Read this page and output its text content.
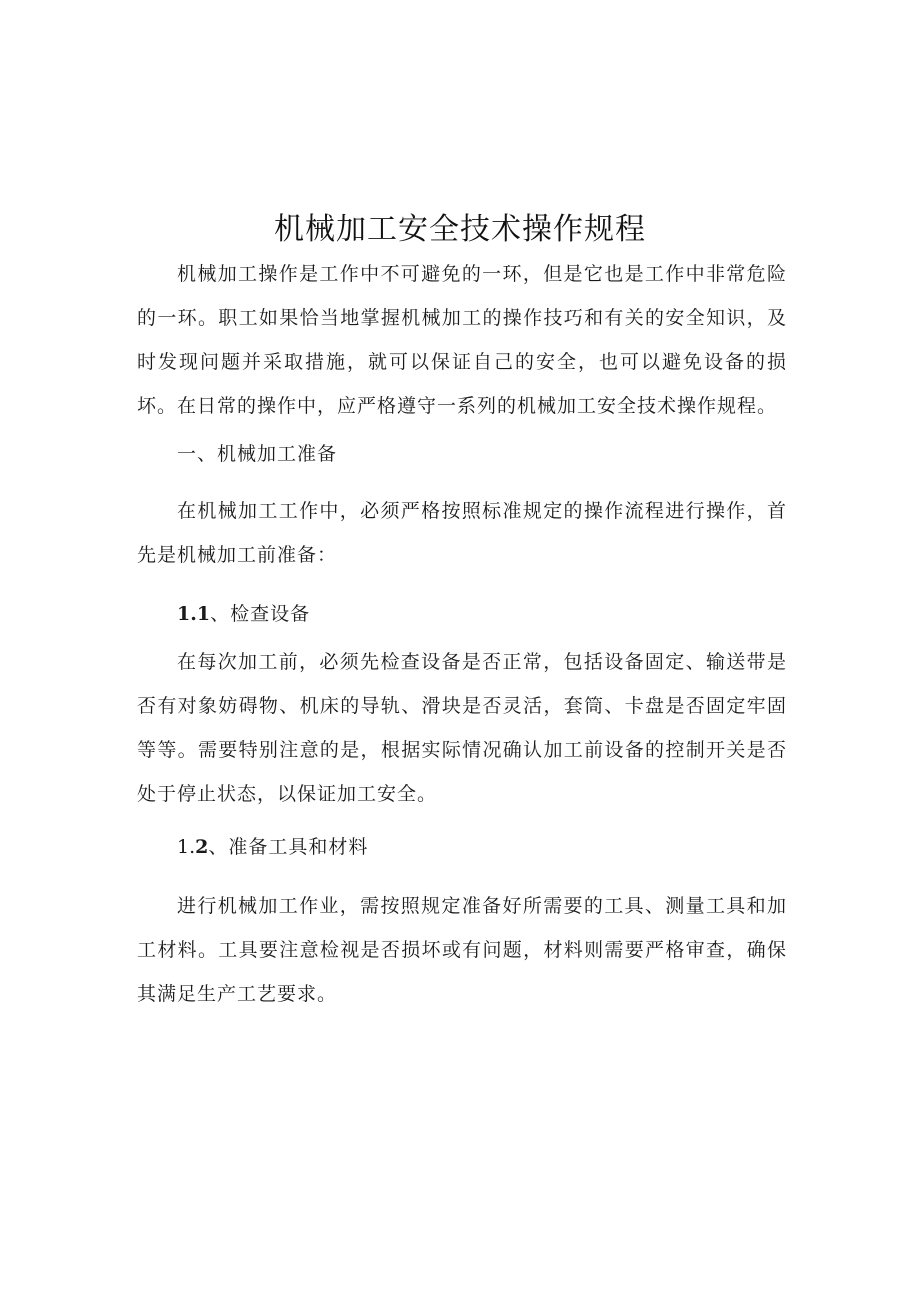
机械加工安全技术操作规程

机械加工操作是工作中不可避免的一环，但是它也是工作中非常危险的一环。职工如果恰当地掌握机械加工的操作技巧和有关的安全知识，及时发现问题并采取措施，就可以保证自己的安全，也可以避免设备的损坏。在日常的操作中，应严格遵守一系列的机械加工安全技术操作规程。

一、机械加工准备

在机械加工工作中，必须严格按照标准规定的操作流程进行操作，首先是机械加工前准备：

1.1、检查设备

在每次加工前，必须先检查设备是否正常，包括设备固定、输送带是否有对象妨碍物、机床的导轨、滑块是否灵活，套筒、卡盘是否固定牢固等等。需要特别注意的是，根据实际情况确认加工前设备的控制开关是否处于停止状态，以保证加工安全。

1.2、准备工具和材料

进行机械加工作业，需按照规定准备好所需要的工具、测量工具和加工材料。工具要注意检视是否损坏或有问题，材料则需要严格审查，确保其满足生产工艺要求。
